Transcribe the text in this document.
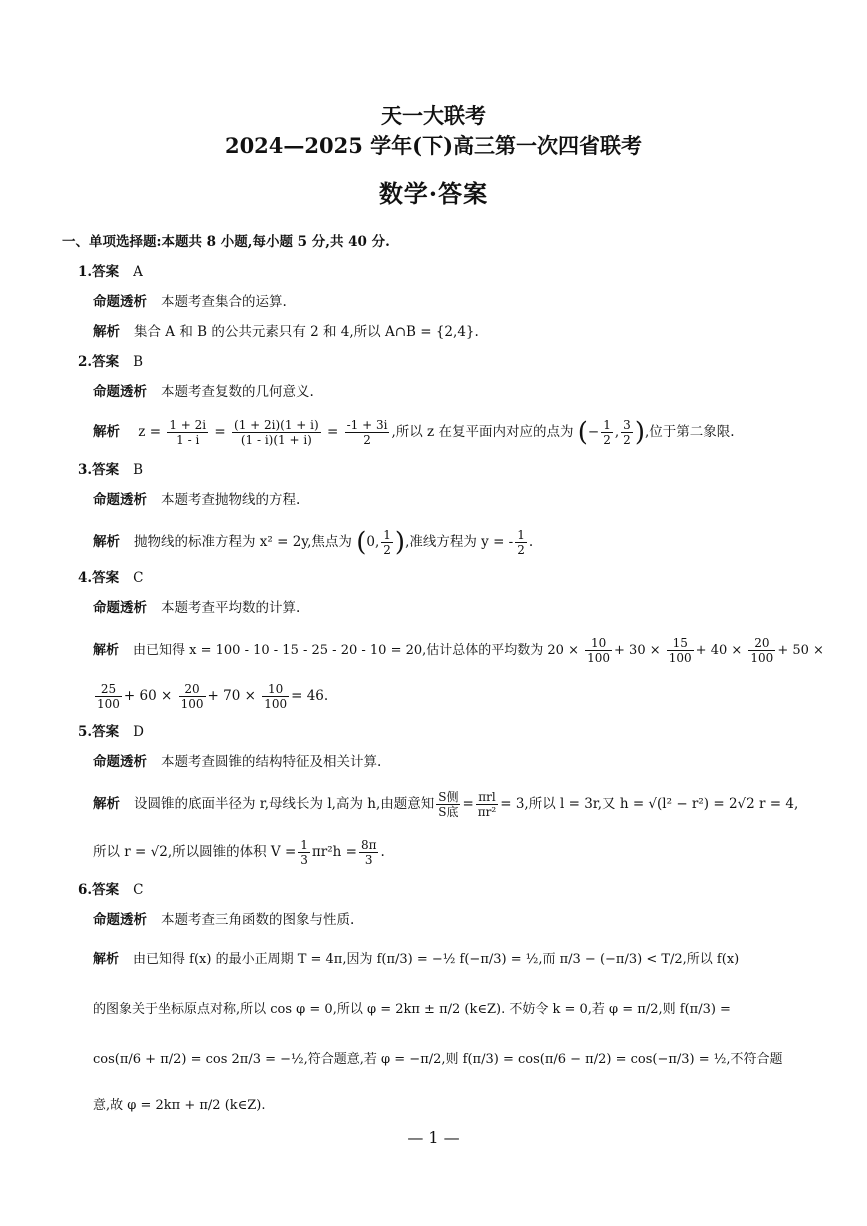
天一大联考
2024—2025 学年(下)高三第一次四省联考
数学·答案
一、单项选择题:本题共 8 小题,每小题 5 分,共 40 分.
1.答案 A
命题透析 本题考查集合的运算.
解析 集合 A 和 B 的公共元素只有 2 和 4,所以 A∩B = {2,4}.
2.答案 B
命题透析 本题考查复数的几何意义.
解析 $z = \frac{1 + 2i}{1 - i} = \frac{(1 + 2i)(1 + i)}{(1 - i)(1 + i)} = \frac{-1 + 3i}{2}$ ,所以 z 在复平面内对应的点为 (− $\frac{1}{2}$ , $\frac{3}{2}$ ),位于第二象限.
3.答案 B
命题透析 本题考查抛物线的方程.
解析 抛物线的标准方程为 x² = 2y,焦点为 (0, $\frac{1}{2}$ ),准线方程为 y = - $\frac{1}{2}$ .
4.答案 C
命题透析 本题考查平均数的计算.
解析 由已知得 x = 100 - 10 - 15 - 25 - 20 - 10 = 20,估计总体的平均数为 $20 \times \frac{10}{100} + 30 \times \frac{15}{100} + 40 \times \frac{20}{100} + 50$ ×
$\frac{25}{100} + 60 \times \frac{20}{100} + 70 \times \frac{10}{100} = 46$.
5.答案 D
命题透析 本题考查圆锥的结构特征及相关计算.
解析 设圆锥的底面半径为 r,母线长为 l,高为 h,由题意知 $\frac{\text{S侧}}{\text{S底}} = \frac{\text{πrl}}{\text{πr²}} = 3$,所以 l = 3r,又 h = √(l² − r²) = 2√2 r = 4,
所以 r = √2,所以圆锥的体积 $V = \frac{1}{3} \pi r^2h = \frac{8\pi}{3}$ .
6.答案 C
命题透析 本题考查三角函数的图象与性质.
解析 由已知得 f(x) 的最小正周期 T = 4π,因为 f(π/3) = −½ f(−π/3) = ½,而 π/3 − (−π/3) < T/2,所以 f(x)
的图象关于坐标原点对称,所以 cos φ = 0,所以 φ = 2kπ ± π/2 (k∈Z). 不妨令 k = 0,若 φ = π/2,则 f(π/3) =
cos(π/6 + π/2) = cos 2π/3 = −½,符合题意,若 φ = −π/2,则 f(π/3) = cos(π/6 − π/2) = cos(−π/3) = ½,不符合题
意,故 φ = 2kπ + π/2 (k∈Z).
— 1 —
